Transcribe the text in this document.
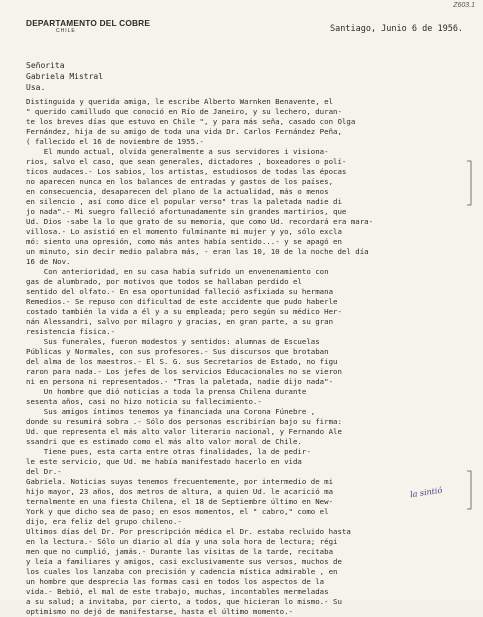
Z603.1
DEPARTAMENTO DEL COBRE
CHILE	Santiago, Junio 6 de 1956.
Señorita
Gabriela Mistral
Usa.
Distinguida y querida amiga, le escribe Alberto Warnken Benavente, el
" querido camilludo que conoció en Río de Janeiro, y su lechero, duran-
te los breves días que estuvo en Chile ", y para más seña, casado con Olga
Fernández, hija de su amigo de toda una vida Dr. Carlos Fernández Peña,
( fallecido el 16 de noviembre de 1955.-
El mundo actual, olvida generalmente a sus servidores i visiona-
rios, salvo el caso, que sean generales, dictadores , boxeadores o polí-
ticos audaces.- Los sabios, los artistas, estudiosos de todas las épocas
no aparecen nunca en los balances de entradas y gastos de los países,
en consecuencia, desaparecen del plano de la actualidad, más o menos
en silencio , así como dice el popular verso" tras la paletada nadie di
jo nada".- Mi suegro falleció afortunadamente sin grandes martirios, que
Ud. Dios -sabe la lo que grato de su memoria, que como Ud. recordará era mara-
villosa.- Lo asistió en el momento fulminante mi mujer y yo, sólo excla
mó: siento una opresión, como más antes había sentido...- y se apagó en
un minuto, sin decir medio palabra más, - eran las 10, 10 de la noche del día
16 de Nov.
Con anterioridad, en su casa había sufrido un envenenamiento con
gas de alumbrado, por motivos que todos se hallaban perdido el
sentido del olfato.- En esa oportunidad falleció asfixiada su hermana
Remedios.- Se repuso con dificultad de este accidente que pudo haberle
costado también la vida a él y a su empleada; pero según su médico Her-
nán Alessandri, salvo por milagro y gracias, en gran parte, a su gran
resistencia física.-
Sus funerales, fueron modestos y sentidos: alumnas de Escuelas
Públicas y Normales, con sus profesores.- Sus discursos que brotaban
del alma de los maestros.- El S. G. sus Secretarios de Estado, no figu
raron para nada.- Los jefes de los servicios Educacionales no se vieron
ni en persona ni representados.- "Tras la paletada, nadie dijo nada"-
Un hombre que dió noticias a toda la prensa Chilena durante
sesenta años, casi no hizo noticia su fallecimiento.-
Sus amigos íntimos tenemos ya financiada una Corona Fúnebre ,
donde su resumirá sobra .- Sólo dos personas escribirían bajo su firma:
Ud. que representa el más alto valor literario nacional, y Fernando Ale
ssandri que es estimado como el más alto valor moral de Chile.
Tiene pues, esta carta entre otras finalidades, la de pedir-
le este servicio, que Ud. me había manifestado hacerlo en vida
del Dr.-
Gabriela. Noticias suyas tenemos frecuentemente, por intermedio de mi
hijo mayor, 23 años, dos metros de altura, a quien Ud. le acarició ma
ternalmente en una fiesta Chilena, el 18 de Septiembre último en New-
York y que dicho sea de paso; en esos momentos, el " cabro," como el
dijo, era feliz del grupo chileno.-
Ultimos días del Dr. Por prescripción médica el Dr. estaba recluido hasta
en la lectura.- Sólo un diario al día y una sola hora de lectura; régi
men que no cumplió, jamás.- Durante las visitas de la tarde, recitaba
y leía a familiares y amigos, casi exclusivamente sus versos, muchos de
los cuales los lanzaba con precisión y cadencia mística admirable , en
un hombre que desprecia las formas casi en todos los aspectos de la
vida.- Bebió, el mal de este trabajo, muchas, incontables mermeladas
a su salud; a invitaba, por cierto, a todos, que hicieran lo mismo.- Su
optimismo no dejó de manifestarse, hasta el último momento.-
la sintió
